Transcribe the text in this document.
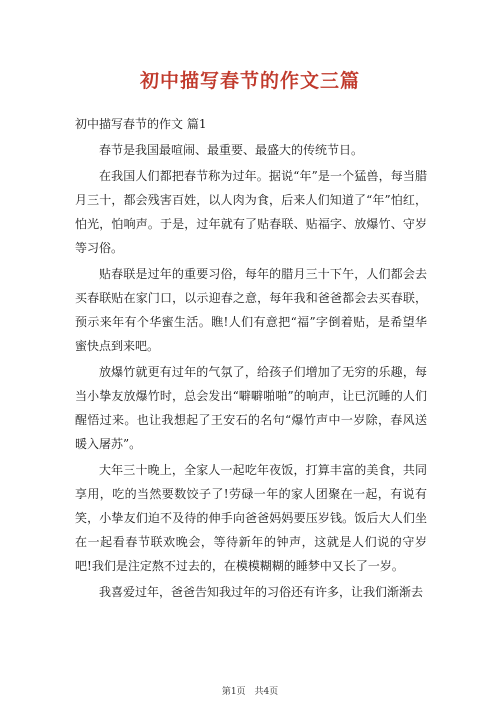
初中描写春节的作文三篇
初中描写春节的作文 篇1

春节是我国最喧闹、最重要、最盛大的传统节日。

在我国人们都把春节称为过年。据说“年”是一个猛兽，每当腊月三十，都会残害百姓，以人肉为食，后来人们知道了“年”怕红，怕光，怕响声。于是，过年就有了贴春联、贴福字、放爆竹、守岁等习俗。

贴春联是过年的重要习俗，每年的腊月三十下午，人们都会去买春联贴在家门口，以示迎春之意，每年我和爸爸都会去买春联，预示来年有个华蜜生活。瞧!人们有意把“福”字倒着贴，是希望华蜜快点到来吧。

放爆竹就更有过年的气氛了，给孩子们增加了无穷的乐趣，每当小挚友放爆竹时，总会发出“噼噼啪啪”的响声，让已沉睡的人们醒悟过来。也让我想起了王安石的名句“爆竹声中一岁除，春风送暖入屠苏”。

大年三十晚上，全家人一起吃年夜饭，打算丰富的美食，共同享用，吃的当然要数饺子了!劳碌一年的家人团聚在一起，有说有笑，小挚友们迫不及待的伸手向爸爸妈妈要压岁钱。饭后大人们坐在一起看春节联欢晚会，等待新年的钟声，这就是人们说的守岁吧!我们是注定熬不过去的，在模模糊糊的睡梦中又长了一岁。

我喜爱过年，爸爸告知我过年的习俗还有许多，让我们渐渐去

第1页 共4页
